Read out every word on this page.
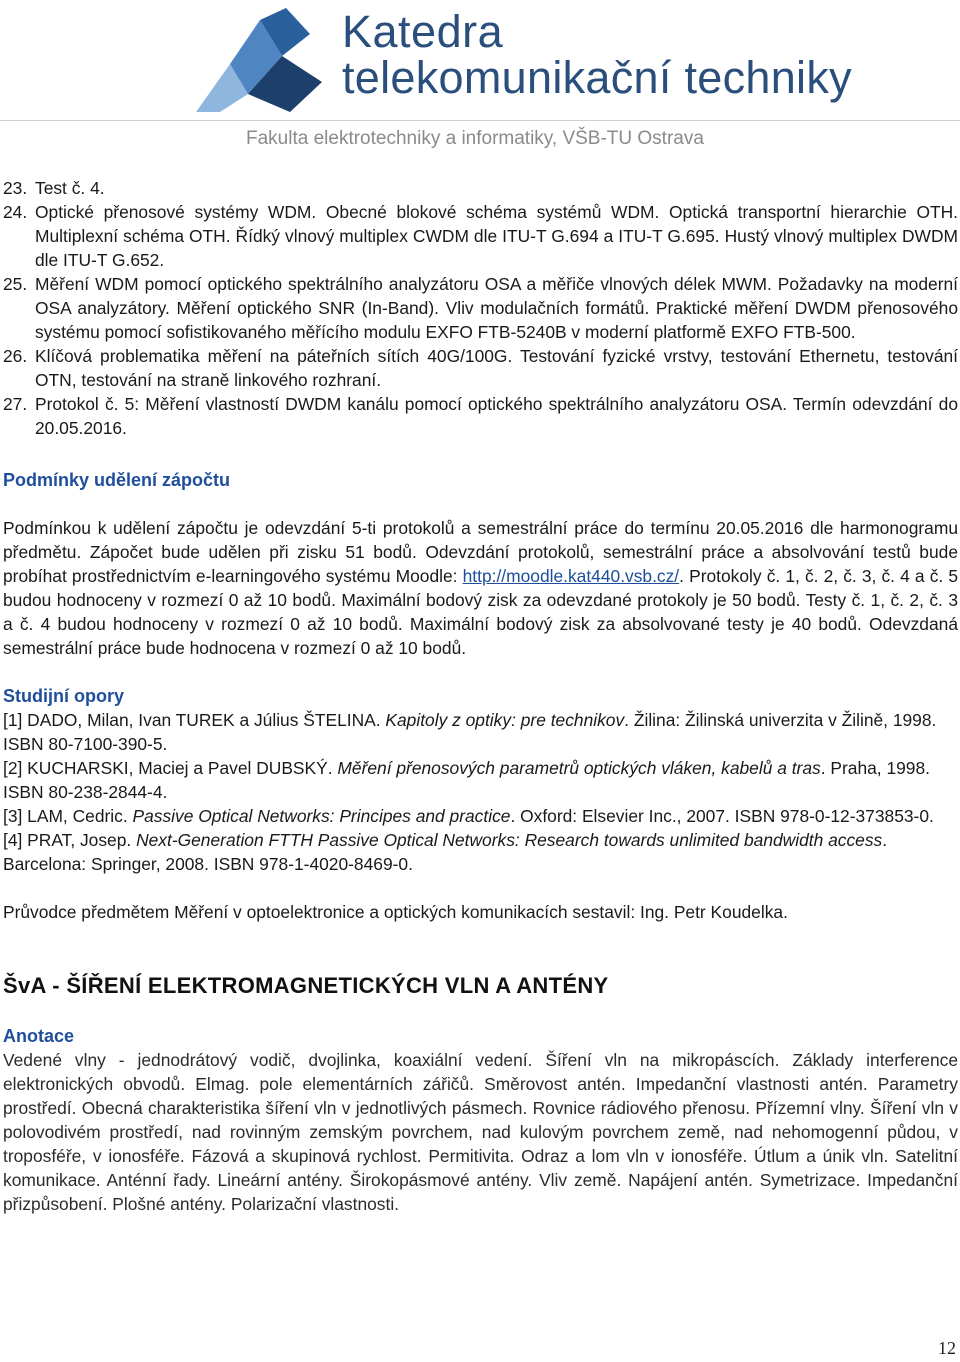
Katedra
telekomunikační techniky
Fakulta elektrotechniky a informatiky, VŠB-TU Ostrava
23. Test č. 4.
24. Optické přenosové systémy WDM. Obecné blokové schéma systémů WDM. Optická transportní hierarchie OTH. Multiplexní schéma OTH. Řídký vlnový multiplex CWDM dle ITU-T G.694 a ITU-T G.695. Hustý vlnový multiplex DWDM dle ITU-T G.652.
25. Měření WDM pomocí optického spektrálního analyzátoru OSA a měřiče vlnových délek MWM. Požadavky na moderní OSA analyzátory. Měření optického SNR (In-Band). Vliv modulačních formátů. Praktické měření DWDM přenosového systému pomocí sofistikovaného měřícího modulu EXFO FTB-5240B v moderní platformě EXFO FTB-500.
26. Klíčová problematika měření na páteřních sítích 40G/100G. Testování fyzické vrstvy, testování Ethernetu, testování OTN, testování na straně linkového rozhraní.
27. Protokol č. 5: Měření vlastností DWDM kanálu pomocí optického spektrálního analyzátoru OSA. Termín odevzdání do 20.05.2016.
Podmínky udělení zápočtu

Podmínkou k udělení zápočtu je odevzdání 5-ti protokolů a semestrální práce do termínu 20.05.2016 dle harmonogramu předmětu. Zápočet bude udělen při zisku 51 bodů. Odevzdání protokolů, semestrální práce a absolvování testů bude probíhat prostřednictvím e-learningového systému Moodle: http://moodle.kat440.vsb.cz/. Protokoly č. 1, č. 2, č. 3, č. 4 a č. 5 budou hodnoceny v rozmezí 0 až 10 bodů. Maximální bodový zisk za odevzdané protokoly je 50 bodů. Testy č. 1, č. 2, č. 3 a č. 4 budou hodnoceny v rozmezí 0 až 10 bodů. Maximální bodový zisk za absolvované testy je 40 bodů. Odevzdaná semestrální práce bude hodnocena v rozmezí 0 až 10 bodů.

Studijní opory

[1] DADO, Milan, Ivan TUREK a Július ŠTELINA. Kapitoly z optiky: pre technikov. Žilina: Žilinská univerzita v Žilině, 1998. ISBN 80-7100-390-5.

[2] KUCHARSKI, Maciej a Pavel DUBSKÝ. Měření přenosových parametrů optických vláken, kabelů a tras. Praha, 1998. ISBN 80-238-2844-4.

[3] LAM, Cedric. Passive Optical Networks: Principes and practice. Oxford: Elsevier Inc., 2007. ISBN 978-0-12-373853-0.

[4] PRAT, Josep. Next-Generation FTTH Passive Optical Networks: Research towards unlimited bandwidth access. Barcelona: Springer, 2008. ISBN 978-1-4020-8469-0.

Průvodce předmětem Měření v optoelektronice a optických komunikacích sestavil: Ing. Petr Koudelka.

ŠvA - ŠÍŘENÍ ELEKTROMAGNETICKÝCH VLN A ANTÉNY
Anotace

Vedené vlny - jednodrátový vodič, dvojlinka, koaxiální vedení. Šíření vln na mikropáscích. Základy interference elektronických obvodů. Elmag. pole elementárních zářičů. Směrovost antén. Impedanční vlastnosti antén. Parametry prostředí. Obecná charakteristika šíření vln v jednotlivých pásmech. Rovnice rádiového přenosu. Přízemní vlny. Šíření vln v polovodivém prostředí, nad rovinným zemským povrchem, nad kulovým povrchem země, nad nehomogenní půdou, v troposféře, v ionosféře. Fázová a skupinová rychlost. Permitivita. Odraz a lom vln v ionosféře. Útlum a únik vln. Satelitní komunikace. Anténní řady. Lineární antény. Širokopásmové antény. Vliv země. Napájení antén. Symetrizace. Impedanční přizpůsobení. Plošné antény. Polarizační vlastnosti.

12
